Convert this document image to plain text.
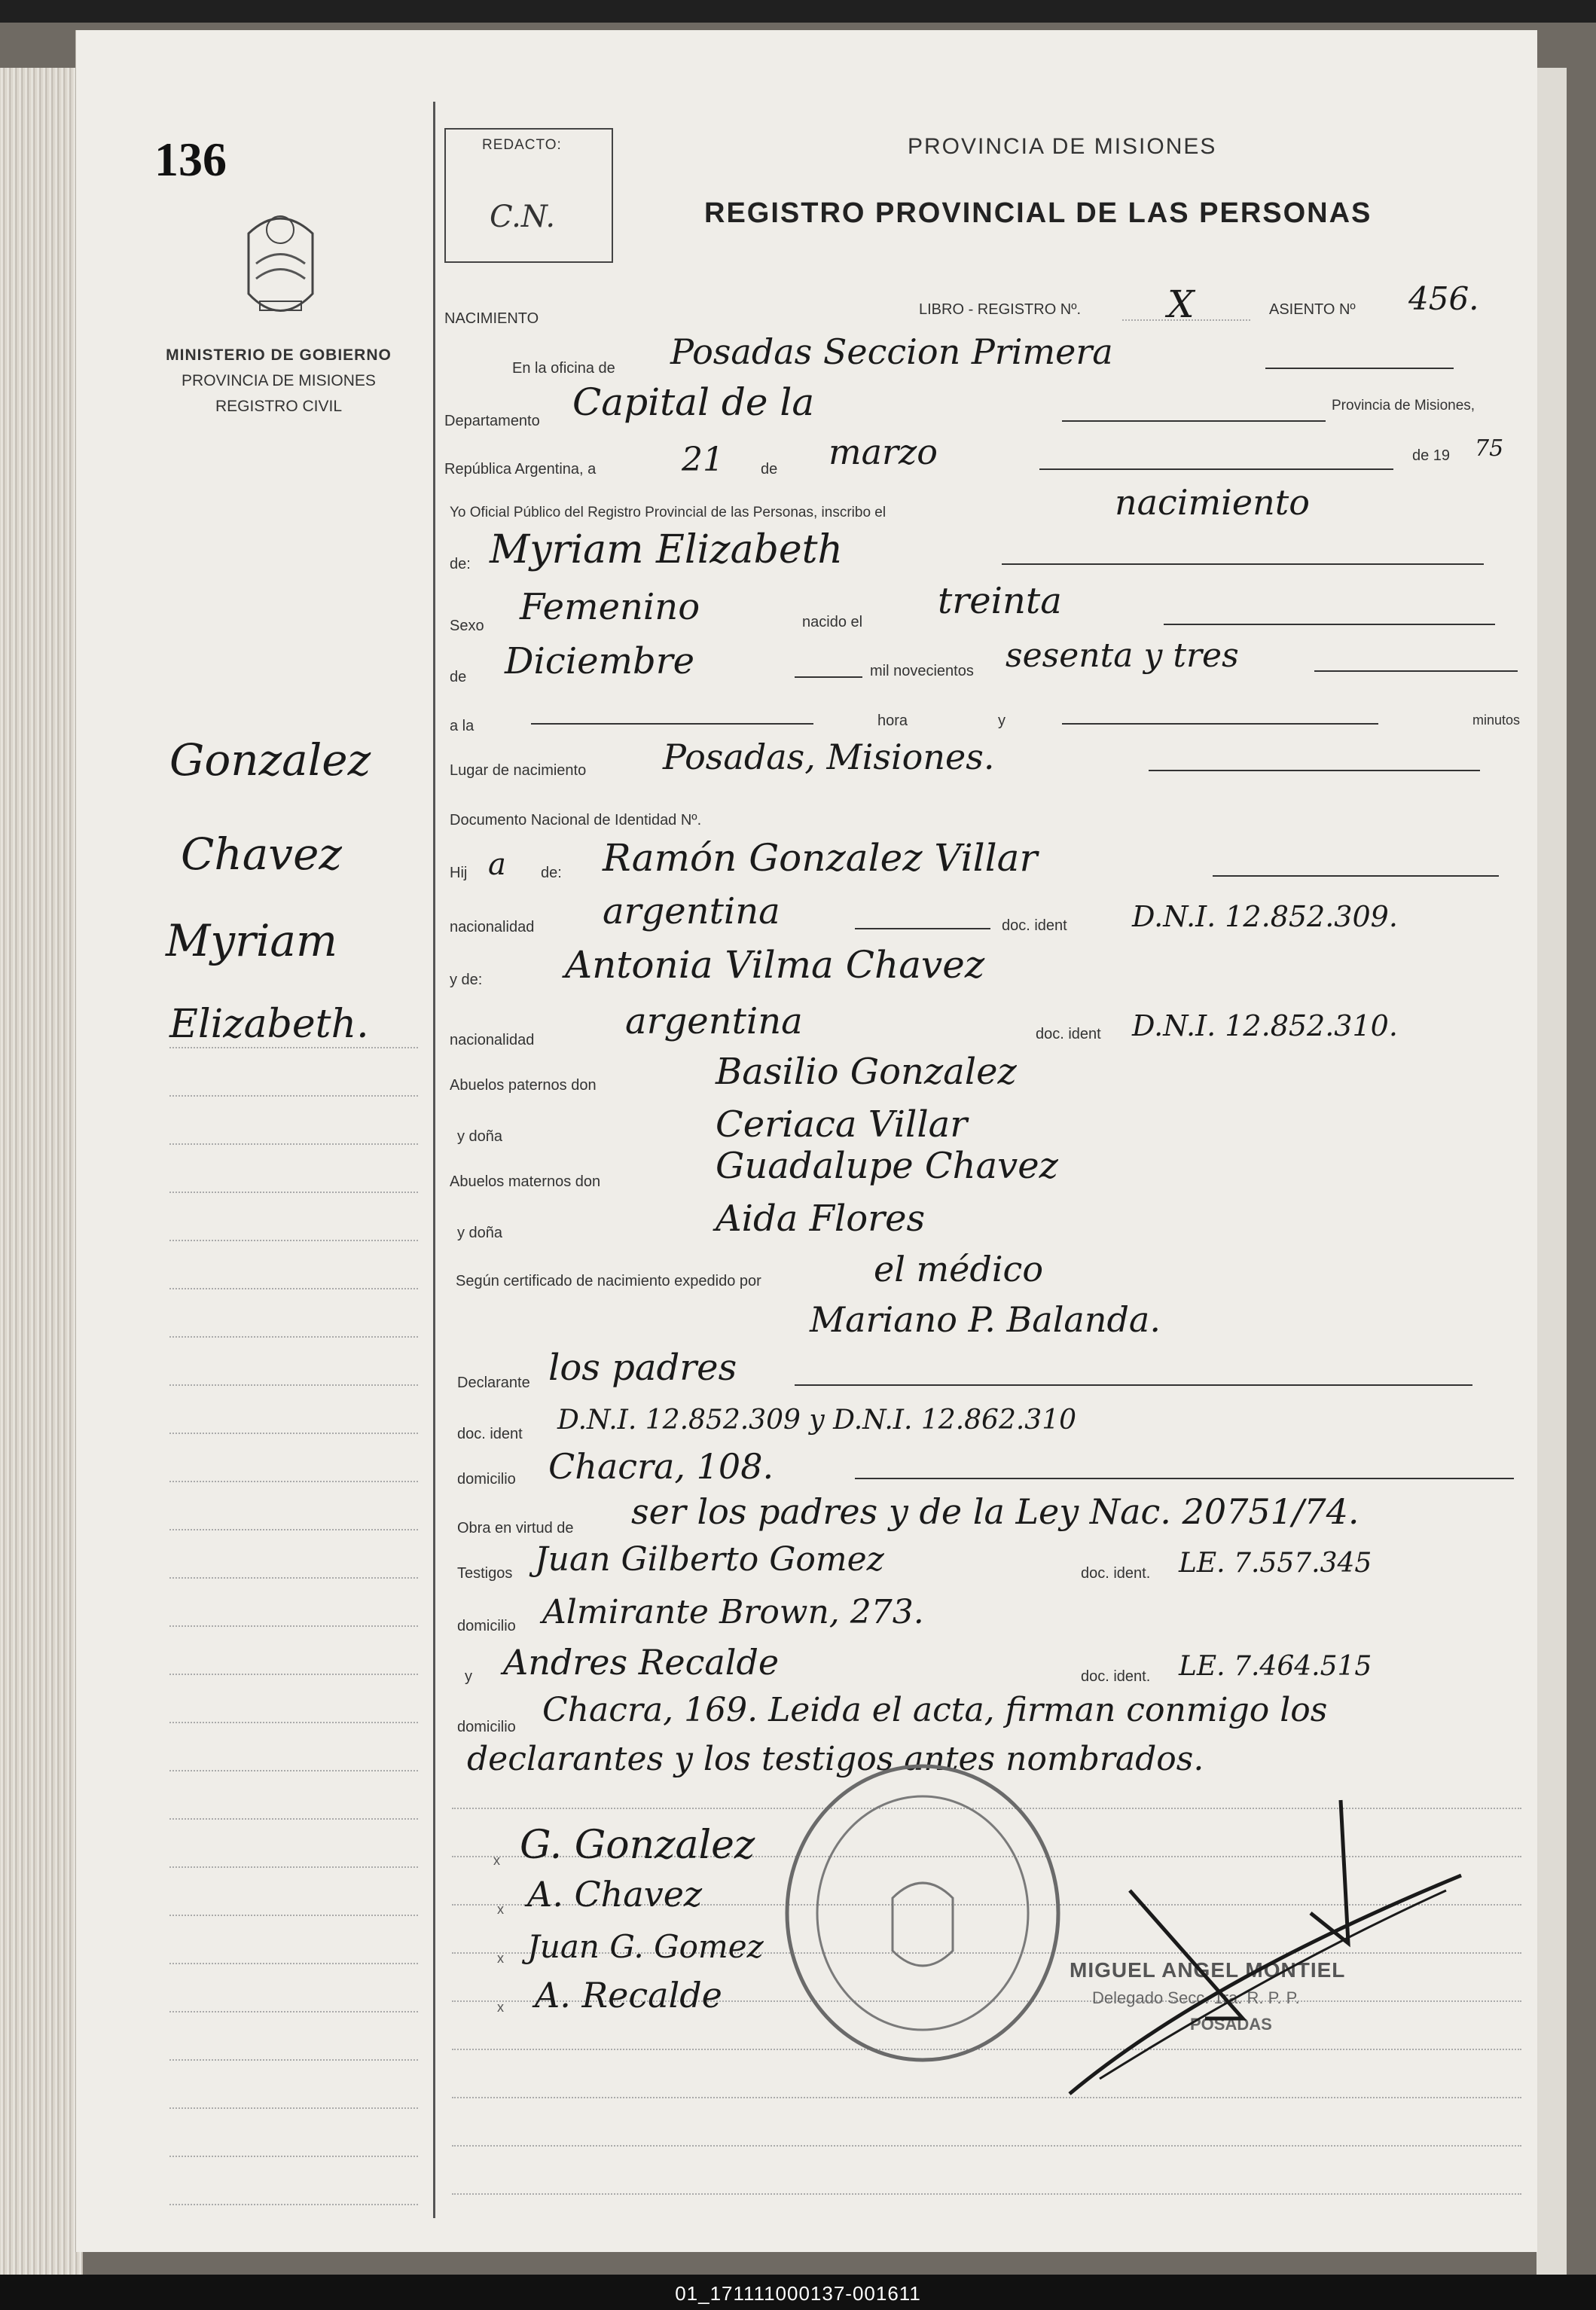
136
MINISTERIO DE GOBIERNO
PROVINCIA DE MISIONES
REGISTRO CIVIL
Gonzalez
Chavez
Myriam
Elizabeth.
REDACTO:
C.N.
PROVINCIA DE MISIONES
REGISTRO PROVINCIAL DE LAS PERSONAS
NACIMIENTO
LIBRO - REGISTRO Nº. X	ASIENTO Nº 456.
En la oficina de Posadas Seccion Primera
Departamento Capital de la	Provincia de Misiones,
República Argentina, a	21 de marzo	de 19 75
Yo Oficial Público del Registro Provincial de las Personas, inscribo el	nacimiento
de: Myriam Elizabeth
Sexo Femenino	nacido el treinta
de Diciembre	mil novecientos sesenta y tres
a la	hora	y	minutos
Lugar de nacimiento Posadas, Misiones.
Documento Nacional de Identidad Nº.
Hij a de: Ramón Gonzalez Villar
nacionalidad argentina	doc. ident D.N.I. 12.852.309.
y de: Antonia Vilma Chavez
nacionalidad	argentina	doc. ident D.N.I. 12.852.310.
Abuelos paternos don	Basilio Gonzalez
y doña	Ceriaca Villar
Abuelos maternos don	Guadalupe Chavez
y doña	Aida Flores
Según certificado de nacimiento expedido por	el médico
Mariano P. Balanda.
Declarante los padres
doc. ident D.N.I. 12.852.309 y D.N.I. 12.862.310
domicilio Chacra, 108.
Obra en virtud de ser los padres y de la Ley Nac. 20751/74.
Testigos Juan Gilberto Gomez	doc. ident. LE. 7.557.345
domicilio Almirante Brown, 273.
y Andres Recalde	doc. ident. LE. 7.464.515
domicilio Chacra, 169. Leida el acta, firman conmigo los
declarantes y los testigos antes nombrados.
x G. Gonzalez
x A. Chavez
x Juan G. Gomez
x A. Recalde
MIGUEL ANGEL MONTIEL
Delegado Secc. 1ra. R. P. P.
POSADAS
01_171111000137-001611
